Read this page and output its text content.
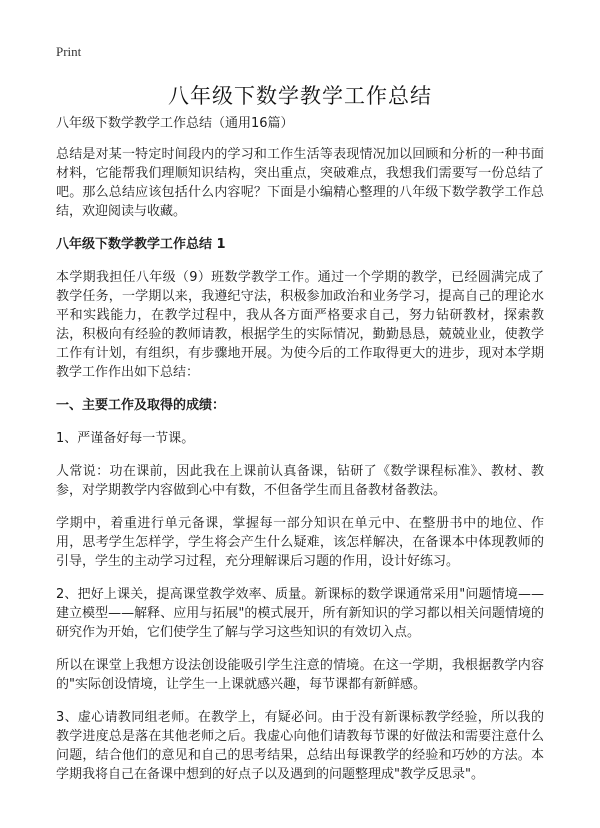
Print
八年级下数学教学工作总结

八年级下数学教学工作总结（通用16篇）

总结是对某一特定时间段内的学习和工作生活等表现情况加以回顾和分析的一种书面材料，它能帮我们理顺知识结构，突出重点，突破难点，我想我们需要写一份总结了吧。那么总结应该包括什么内容呢？下面是小编精心整理的八年级下数学教学工作总结，欢迎阅读与收藏。

八年级下数学教学工作总结 1

本学期我担任八年级（9）班数学教学工作。通过一个学期的教学，已经圆满完成了教学任务，一学期以来，我遵纪守法，积极参加政治和业务学习，提高自己的理论水平和实践能力，在教学过程中，我从各方面严格要求自己，努力钻研教材，探索教法，积极向有经验的教师请教，根据学生的实际情况，勤勤恳恳，兢兢业业，使教学工作有计划，有组织，有步骤地开展。为使今后的工作取得更大的进步，现对本学期教学工作作出如下总结：

一、主要工作及取得的成绩：

1、严谨备好每一节课。

人常说：功在课前，因此我在上课前认真备课，钻研了《数学课程标准》、教材、教参，对学期教学内容做到心中有数，不但备学生而且备教材备教法。

学期中，着重进行单元备课，掌握每一部分知识在单元中、在整册书中的地位、作用，思考学生怎样学，学生将会产生什么疑难，该怎样解决，在备课本中体现教师的引导，学生的主动学习过程，充分理解课后习题的作用，设计好练习。

2、把好上课关，提高课堂教学效率、质量。新课标的数学课通常采用"问题情境——建立模型——解释、应用与拓展"的模式展开，所有新知识的学习都以相关问题情境的研究作为开始，它们使学生了解与学习这些知识的有效切入点。

所以在课堂上我想方设法创设能吸引学生注意的情境。在这一学期，我根据教学内容的"实际创设情境，让学生一上课就感兴趣，每节课都有新鲜感。

3、虚心请教同组老师。在教学上，有疑必问。由于没有新课标教学经验，所以我的教学进度总是落在其他老师之后。我虚心向他们请教每节课的好做法和需要注意什么问题，结合他们的意见和自己的思考结果，总结出每课教学的经验和巧妙的方法。本学期我将自己在备课中想到的好点子以及遇到的问题整理成"教学反思录"。
